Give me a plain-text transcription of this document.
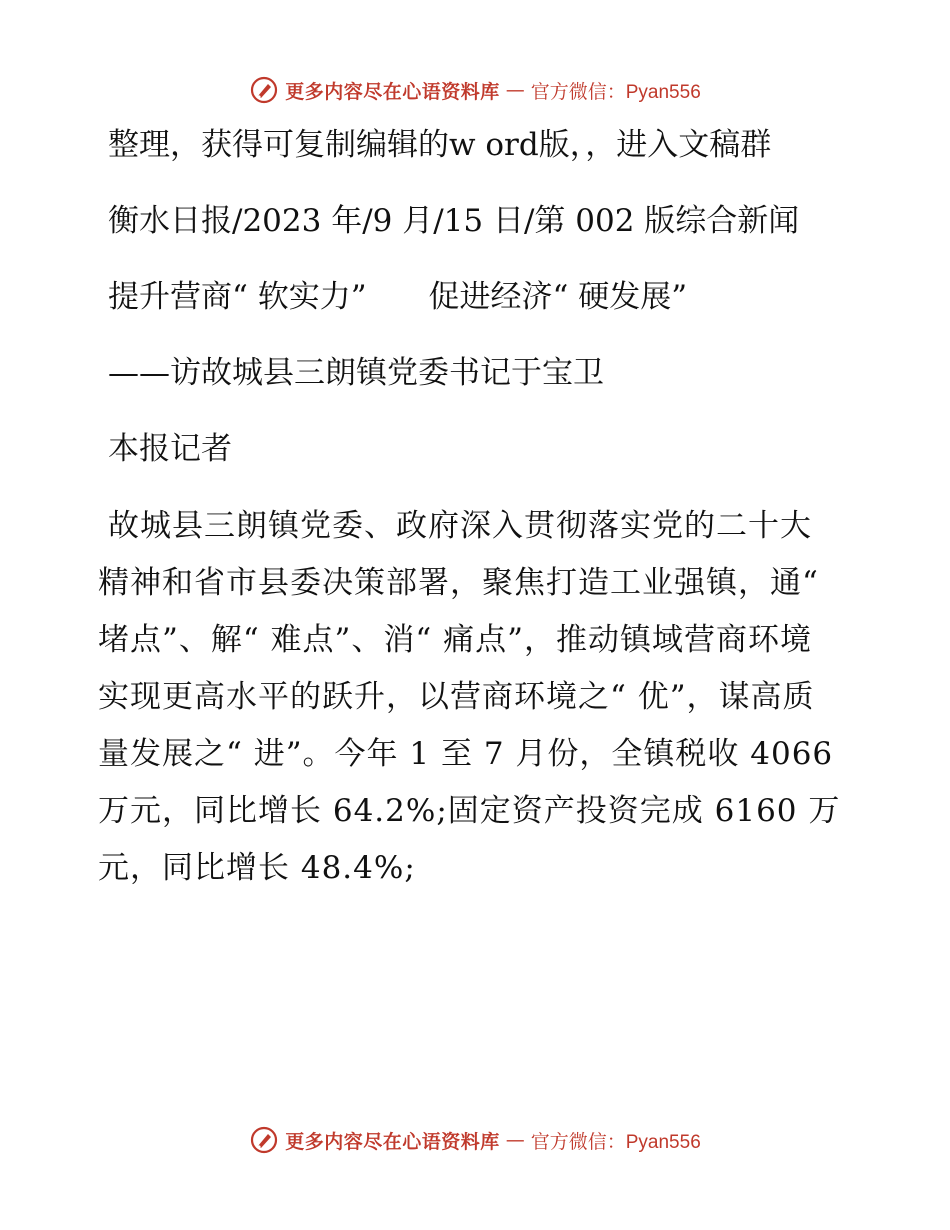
更多内容尽在心语资料库 — 官方微信：Pyan556

整理，获得可复制编辑的w ord版，，进入文稿群

衡水日报/2023 年/9 月/15 日/第 002 版综合新闻

提升营商“ 软实力”　　促进经济“ 硬发展”

——访故城县三朗镇党委书记于宝卫

本报记者

故城县三朗镇党委、政府深入贯彻落实党的二十大精神和省市县委决策部署，聚焦打造工业强镇，通“ 堵点”、解“ 难点”、消“ 痛点”，推动镇域营商环境实现更高水平的跃升，以营商环境之“ 优”，谋高质量发展之“ 进”。今年 1 至 7 月份，全镇税收 4066 万元，同比增长 64.2%;固定资产投资完成 6160 万元，同比增长 48.4%;

更多内容尽在心语资料库 — 官方微信：Pyan556
